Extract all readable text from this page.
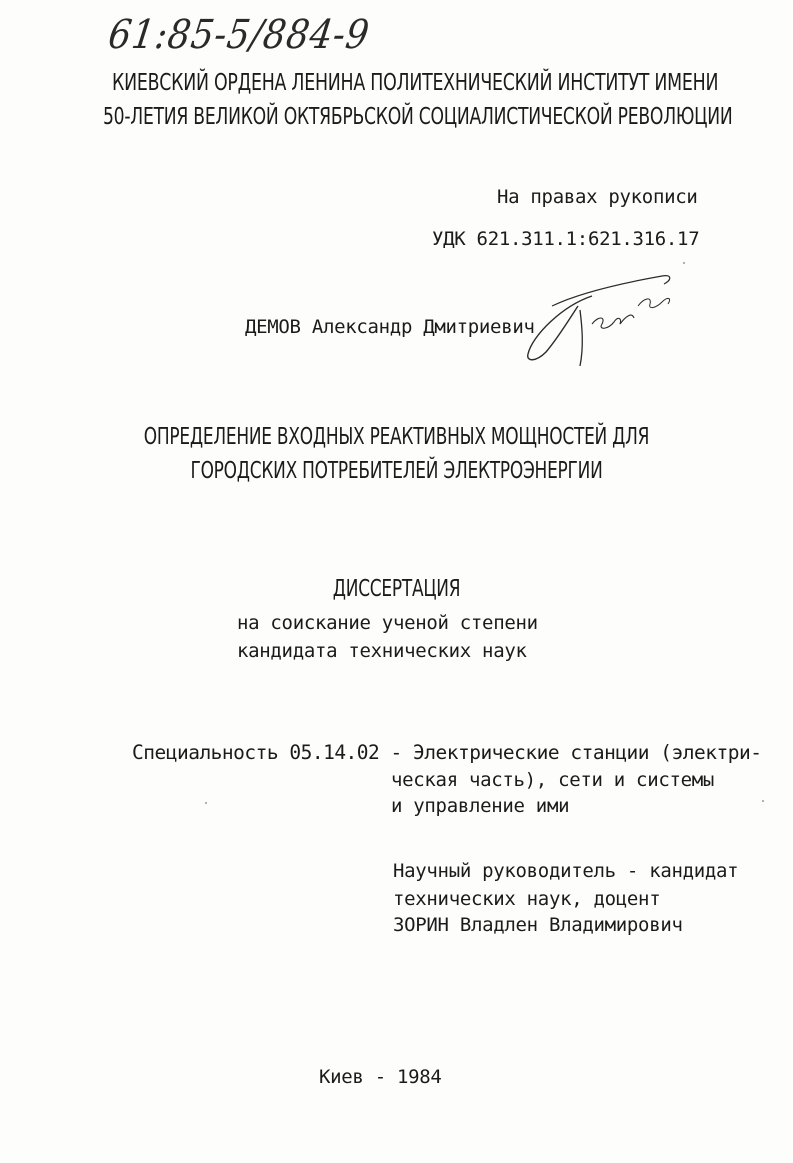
61:85-5/884-9
КИЕВСКИЙ ОРДЕНА ЛЕНИНА ПОЛИТЕХНИЧЕСКИЙ ИНСТИТУТ ИМЕНИ
50-ЛЕТИЯ ВЕЛИКОЙ ОКТЯБРЬСКОЙ СОЦИАЛИСТИЧЕСКОЙ РЕВОЛЮЦИИ
На правах рукописи
УДК 621.311.1:621.316.17
ДЕМОВ Александр Дмитриевич
ОПРЕДЕЛЕНИЕ ВХОДНЫХ РЕАКТИВНЫХ МОЩНОСТЕЙ ДЛЯ
ГОРОДСКИХ ПОТРЕБИТЕЛЕЙ ЭЛЕКТРОЭНЕРГИИ
ДИССЕРТАЦИЯ
на соискание ученой степени
кандидата технических наук
Специальность 05.14.02 - Электрические станции (электри-
ческая часть), сети и системы
и управление ими
Научный руководитель - кандидат
технических наук, доцент
ЗОРИН Владлен Владимирович
Киев - 1984
